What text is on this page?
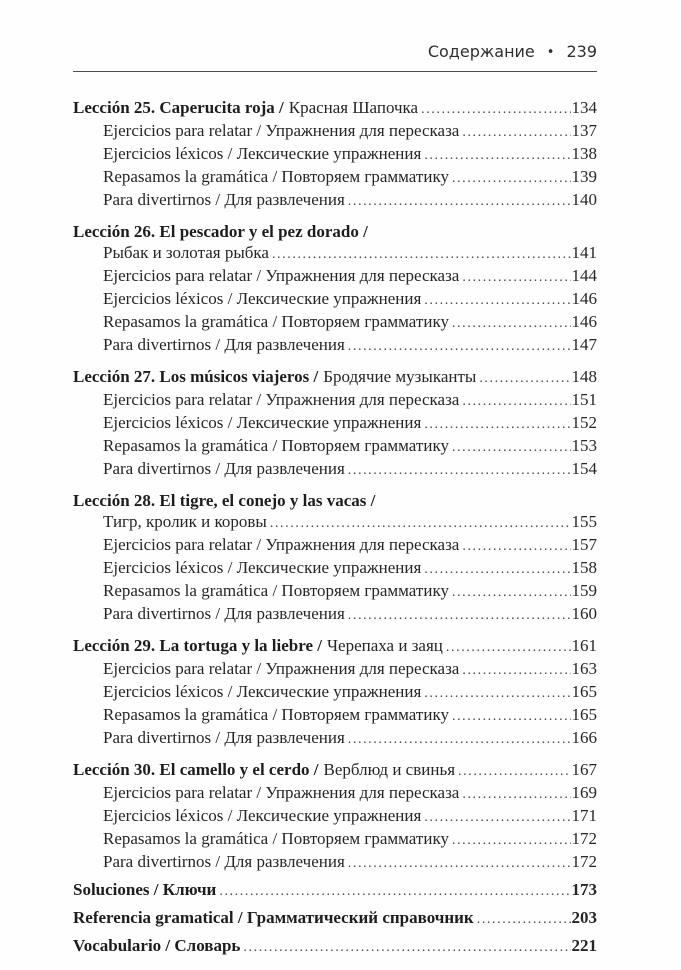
Содержание • 239
Lección 25. Caperucita roja / Красная Шапочка .....	134
Ejercicios para relatar / Упражнения для пересказа .....	137
Ejercicios léxicos / Лексические упражнения .....	138
Repasamos la gramática / Повторяем грамматику .....	139
Para divertirnos / Для развлечения .....	140
Lección 26. El pescador y el pez dorado /
Рыбак и золотая рыбка .....	141
Ejercicios para relatar / Упражнения для пересказа .....	144
Ejercicios léxicos / Лексические упражнения .....	146
Repasamos la gramática / Повторяем грамматику .....	146
Para divertirnos / Для развлечения .....	147
Lección 27. Los músicos viajeros / Бродячие музыканты .....	148
Ejercicios para relatar / Упражнения для пересказа .....	151
Ejercicios léxicos / Лексические упражнения .....	152
Repasamos la gramática / Повторяем грамматику .....	153
Para divertirnos / Для развлечения .....	154
Lección 28. El tigre, el conejo y las vacas /
Тигр, кролик и коровы .....	155
Ejercicios para relatar / Упражнения для пересказа .....	157
Ejercicios léxicos / Лексические упражнения .....	158
Repasamos la gramática / Повторяем грамматику .....	159
Para divertirnos / Для развлечения .....	160
Lección 29. La tortuga y la liebre / Черепаха и заяц .....	161
Ejercicios para relatar / Упражнения для пересказа .....	163
Ejercicios léxicos / Лексические упражнения .....	165
Repasamos la gramática / Повторяем грамматику .....	165
Para divertirnos / Для развлечения .....	166
Lección 30. El camello y el cerdo / Верблюд и свинья .....	167
Ejercicios para relatar / Упражнения для пересказа .....	169
Ejercicios léxicos / Лексические упражнения .....	171
Repasamos la gramática / Повторяем грамматику .....	172
Para divertirnos / Для развлечения .....	172
Soluciones / Ключи .....	173
Referencia gramatical / Грамматический справочник .....	203
Vocabulario / Словарь .....	221
